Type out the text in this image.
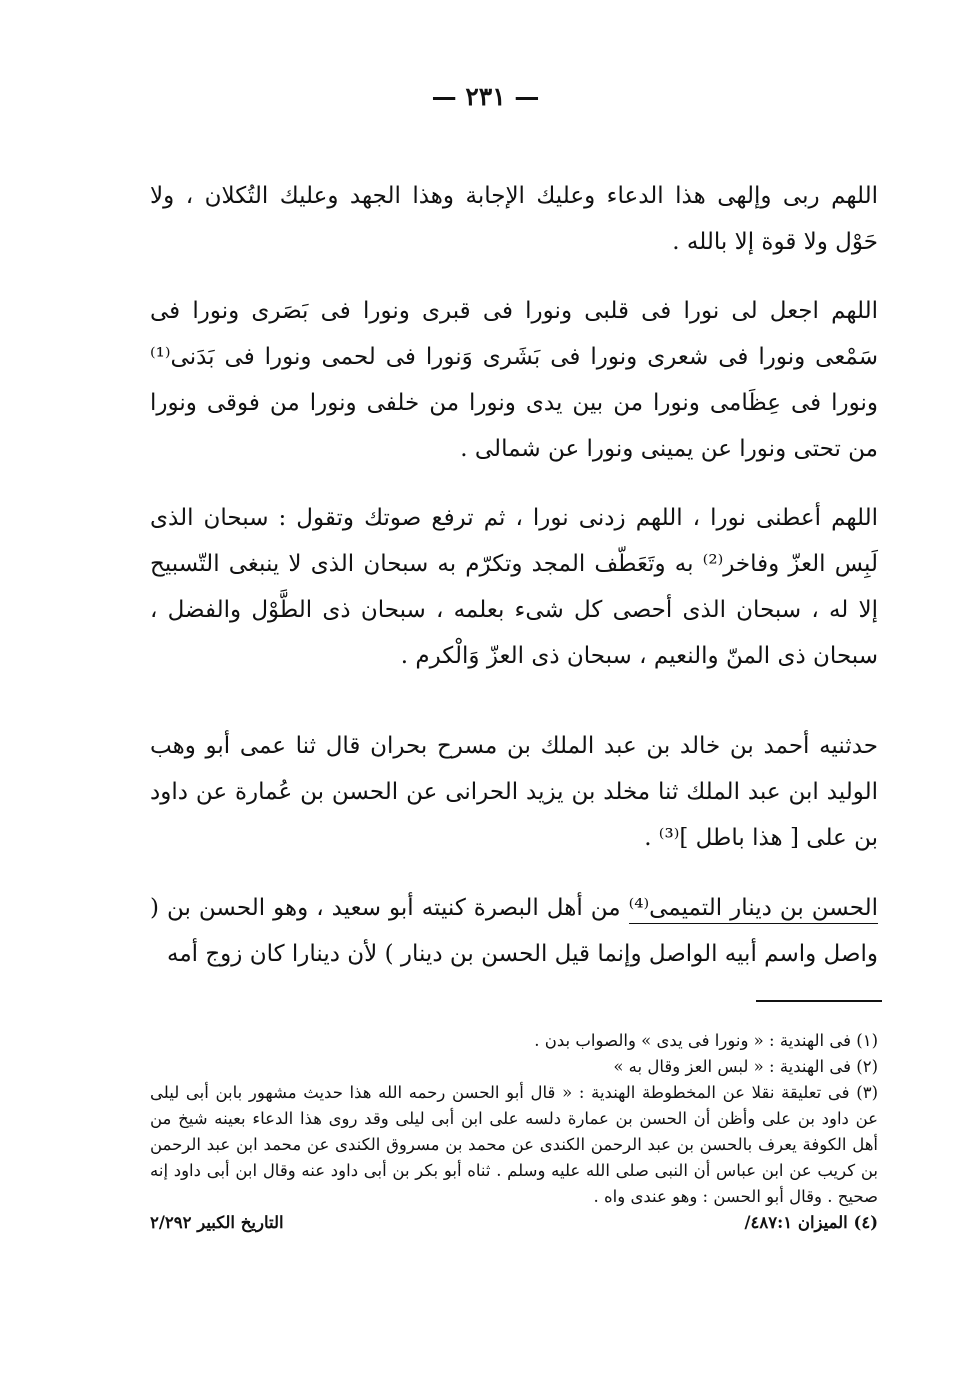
— ٢٣١ —

اللهم ربى وإلهى هذا الدعاء وعليك الإجابة وهذا الجهد وعليك التُكلان ، ولا حَوْل ولا قوة إلا بالله .

اللهم اجعل لى نورا فى قلبى ونورا فى قبرى ونورا فى بَصَرى ونورا فى سَمْعى ونورا فى شعرى ونورا فى بَشَرى وَنورا فى لحمى ونورا فى بَدَنى⁽¹⁾ ونورا فى عِظَامى ونورا من بين يدى ونورا من خلفى ونورا من فوقى ونورا من تحتى ونورا عن يمينى ونورا عن شمالى .

اللهم أعطنى نورا ، اللهم زدنى نورا ، ثم ترفع صوتك وتقول : سبحان الذى لَبِس العزّ وفاخر⁽²⁾ به وتَعَطّف المجد وتكرّم به سبحان الذى لا ينبغى التّسبيح إلا له ، سبحان الذى أحصى كل شىء بعلمه ، سبحان ذى الطَّوْل والفضل ، سبحان ذى المنّ والنعيم ، سبحان ذى العزّ وَالْكرم .

حدثنيه أحمد بن خالد بن عبد الملك بن مسرح بحران قال ثنا عمى أبو وهب الوليد ابن عبد الملك ثنا مخلد بن يزيد الحرانى عن الحسن بن عُمارة عن داود بن على [ هذا باطل ]⁽³⁾ .

الحسن بن دينار التميمى⁽⁴⁾ من أهل البصرة كنيته أبو سعيد ، وهو الحسن بن ( واصل واسم أبيه الواصل وإنما قيل الحسن بن دينار ) لأن دينارا كان زوج أمه

(١) فى الهندية : « ونورا فى يدى » والصواب بدن .
(٢) فى الهندية : « لبس العز وقال به »
(٣) فى تعليقة نقلا عن المخطوطة الهندية : « قال أبو الحسن رحمه الله هذا حديث مشهور بابن أبى ليلى عن داود بن على وأظن أن الحسن بن عمارة دلسه على ابن أبى ليلى وقد روى هذا الدعاء بعينه شيخ من أهل الكوفة يعرف بالحسن بن عبد الرحمن الكندى عن محمد بن مسروق الكندى عن محمد ابن عبد الرحمن بن كريب عن ابن عباس أن النبى صلى الله عليه وسلم . ثناه أبو بكر بن أبى داود عنه وقال ابن أبى داود إنه صحيح . وقال أبو الحسن : وهو عندى واه .
(٤) الميزان ٤٨٧:١/
التاريخ الكبير ٢/٢٩٢
